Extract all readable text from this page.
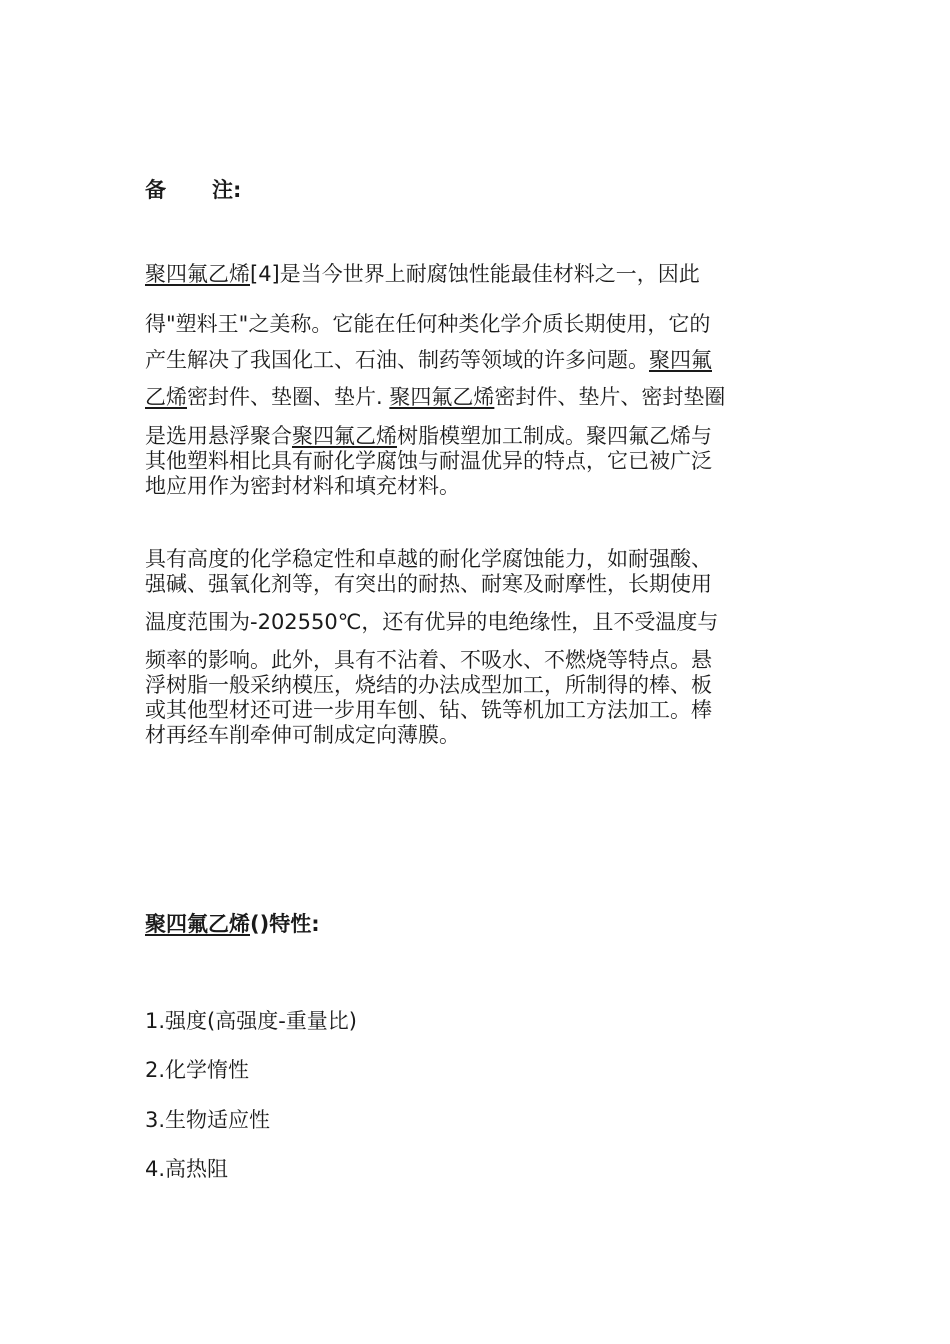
备 注:
聚四氟乙烯[4]是当今世界上耐腐蚀性能最佳材料之一，因此
得"塑料王"之美称。它能在任何种类化学介质长期使用，它的
产生解决了我国化工、石油、制药等领域的许多问题。聚四氟
乙烯密封件、垫圈、垫片. 聚四氟乙烯密封件、垫片、密封垫圈
是选用悬浮聚合聚四氟乙烯树脂模塑加工制成。聚四氟乙烯与
其他塑料相比具有耐化学腐蚀与耐温优异的特点，它已被广泛
地应用作为密封材料和填充材料。
具有高度的化学稳定性和卓越的耐化学腐蚀能力，如耐强酸、
强碱、强氧化剂等，有突出的耐热、耐寒及耐摩性，长期使用
温度范围为-202550℃，还有优异的电绝缘性，且不受温度与
频率的影响。此外，具有不沾着、不吸水、不燃烧等特点。悬
浮树脂一般采纳模压，烧结的办法成型加工，所制得的棒、板
或其他型材还可进一步用车刨、钻、铣等机加工方法加工。棒
材再经车削牵伸可制成定向薄膜。
聚四氟乙烯()特性:
1.强度(高强度-重量比)
2.化学惰性
3.生物适应性
4.高热阻
